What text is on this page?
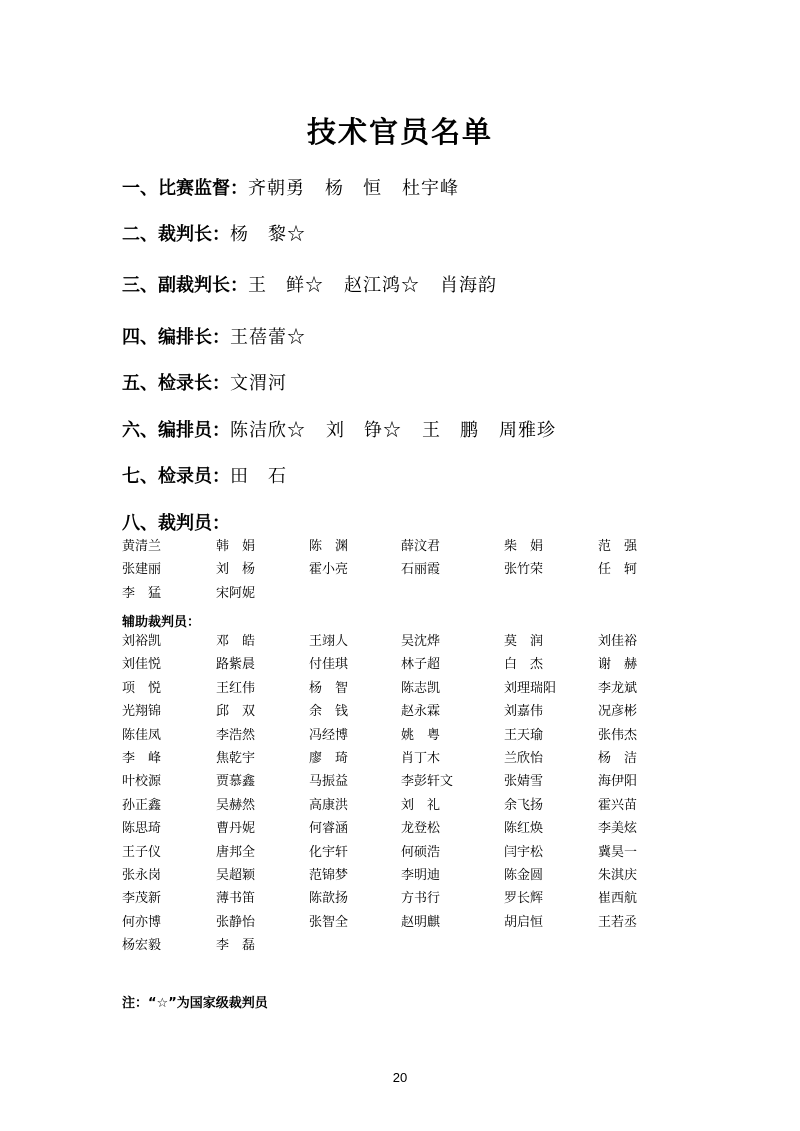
技术官员名单
一、比赛监督：齐朝勇 杨　恒 杜宇峰
二、裁判长：杨　黎☆
三、副裁判长：王　鲜☆ 赵江鸿☆ 肖海韵
四、编排长：王蓓蕾☆
五、检录长：文渭河
六、编排员：陈洁欣☆ 刘　铮☆ 王　鹏 周雅珍
七、检录员：田　石
八、裁判员：
黄清兰	韩　娟	陈　渊	薛汶君	柴　娟	范　强
张建丽	刘　杨	霍小亮	石丽霞	张竹荣	任　轲
李　猛	宋阿妮
辅助裁判员：
刘裕凯	邓　皓	王翊人	吴沈烨	莫　润	刘佳裕
刘佳悦	路紫晨	付佳琪	林子超	白　杰	谢　赫
项　悦	王红伟	杨　智	陈志凯	刘理瑞阳	李龙斌
光翔锦	邱　双	余　钱	赵永霖	刘嘉伟	况彦彬
陈佳凤	李浩然	冯经博	姚　粤	王天瑜	张伟杰
李　峰	焦乾宇	廖　琦	肖丁木	兰欣怡	杨　洁
叶校源	贾慕鑫	马振益	李彭轩文	张婧雪	海伊阳
孙正鑫	吴赫然	高康洪	刘　礼	余飞扬	霍兴苗
陈思琦	曹丹妮	何睿涵	龙登松	陈红焕	李美炫
王子仪	唐邦全	化宇轩	何硕浩	闫宇松	冀昊一
张永岗	吴超颖	范锦梦	李明迪	陈金圆	朱淇庆
李茂新	薄书笛	陈歆扬	方书行	罗长辉	崔西航
何亦博	张静怡	张智全	赵明麒	胡启恒	王若丞
杨宏毅	李　磊
注：“☆”为国家级裁判员
20
